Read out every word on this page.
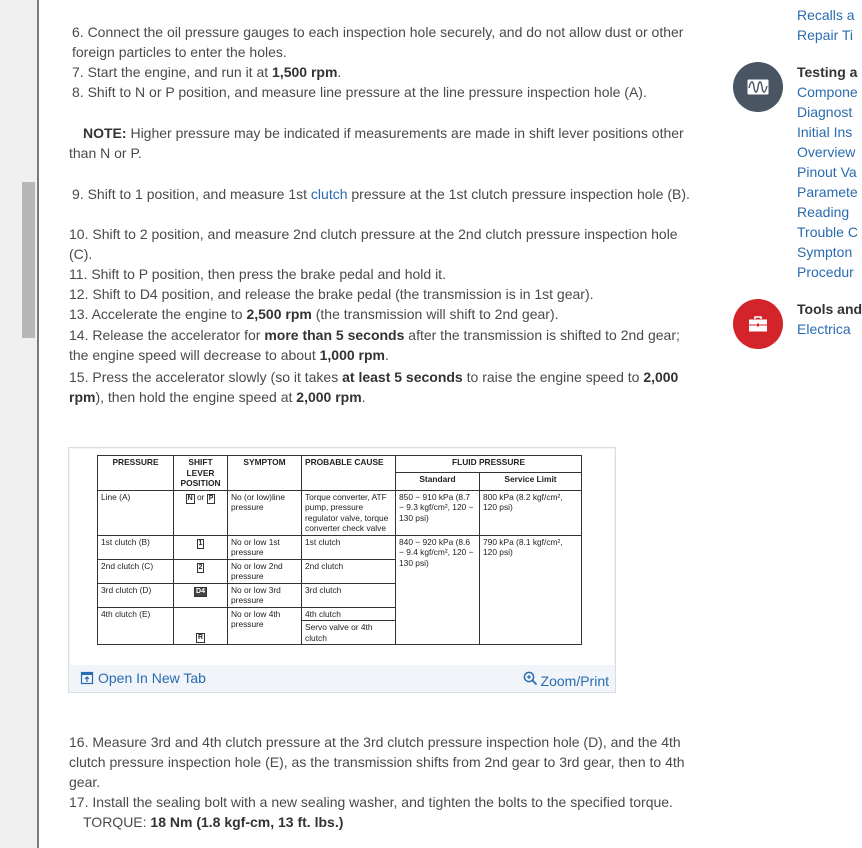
6. Connect the oil pressure gauges to each inspection hole securely, and do not allow dust or other foreign particles to enter the holes.

7. Start the engine, and run it at 1,500 rpm.

8. Shift to N or P position, and measure line pressure at the line pressure inspection hole (A).

NOTE: Higher pressure may be indicated if measurements are made in shift lever positions other than N or P.

9. Shift to 1 position, and measure 1st clutch pressure at the 1st clutch pressure inspection hole (B).

10. Shift to 2 position, and measure 2nd clutch pressure at the 2nd clutch pressure inspection hole (C).

11. Shift to P position, then press the brake pedal and hold it.

12. Shift to D4 position, and release the brake pedal (the transmission is in 1st gear).

13. Accelerate the engine to 2,500 rpm (the transmission will shift to 2nd gear).

14. Release the accelerator for more than 5 seconds after the transmission is shifted to 2nd gear; the engine speed will decrease to about 1,000 rpm.

15. Press the accelerator slowly (so it takes at least 5 seconds to raise the engine speed to 2,000 rpm), then hold the engine speed at 2,000 rpm.

16. Measure 3rd and 4th clutch pressure at the 3rd clutch pressure inspection hole (D), and the 4th clutch pressure inspection hole (E), as the transmission shifts from 2nd gear to 3rd gear, then to 4th gear.

17. Install the sealing bolt with a new sealing washer, and tighten the bolts to the specified torque.

TORQUE: 18 Nm (1.8 kgf-cm, 13 ft. lbs.)

PRESSURE	SHIFT LEVER POSITION	SYMPTOM	PROBABLE CAUSE	FLUID PRESSURE
Standard	Service Limit
Line (A)	N or P	No (or low)line pressure	Torque converter, ATF pump, pressure regulator valve, torque converter check valve	850 − 910 kPa (8.7 − 9.3 kgf/cm², 120 − 130 psi)	800 kPa (8.2 kgf/cm², 120 psi)
1st clutch (B)	1	No or low 1st pressure	1st clutch	840 − 920 kPa (8.6 − 9.4 kgf/cm², 120 − 130 psi)	790 kPa (8.1 kgf/cm², 120 psi)
2nd clutch (C)	2	No or low 2nd pressure	2nd clutch
3rd clutch (D)	D4	No or low 3rd pressure	3rd clutch
4th clutch (E)	R	No or low 4th pressure	4th clutch
Servo valve or 4th clutch
Open In New Tab	Zoom/Print
Recalls a
Repair Ti
Testing a
Compone
Diagnost
Initial Ins
Overview
Pinout Va
Paramete
Reading
Trouble C
Sympton
Procedur
Tools and
Electrica
